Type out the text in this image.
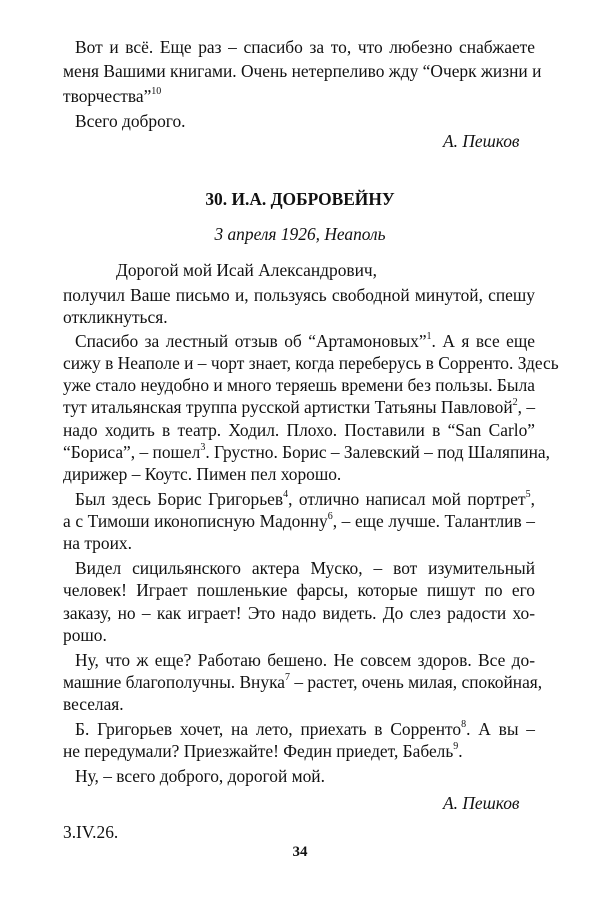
Вот и всё. Еще раз – спасибо за то, что любезно снабжаете
меня Вашими книгами. Очень нетерпеливо жду “Очерк жизни и
творчества”$^{10}$
Всего доброго.
А. Пешков
30. И.А. ДОБРОВЕЙНУ
3 апреля 1926, Неаполь
Дорогой мой Исай Александрович,
получил Ваше письмо и, пользуясь свободной минутой, спешу
откликнуться.
Спасибо за лестный отзыв об “Артамоновых”$^1$. А я все еще
сижу в Неаполе и – чорт знает, когда переберусь в Сорренто. Здесь
уже стало неудобно и много теряешь времени без пользы. Была
тут итальянская труппа русской артистки Татьяны Павловой$^2$, –
надо ходить в театр. Ходил. Плохо. Поставили в “San Carlo”
“Бориса”, – пошел$^3$. Грустно. Борис – Залевский – под Шаляпина,
дирижер – Коутс. Пимен пел хорошо.
Был здесь Борис Григорьев$^4$, отлично написал мой портрет$^5$,
а с Тимоши иконописную Мадонну$^6$, – еще лучше. Талантлив –
на троих.
Видел сицильянского актера Муско, – вот изумительный
человек! Играет пошленькие фарсы, которые пишут по его
заказу, но – как играет! Это надо видеть. До слез радости хо-
рошо.
Ну, что ж еще? Работаю бешено. Не совсем здоров. Все до-
машние благополучны. Внука$^7$ – растет, очень милая, спокойная,
веселая.
Б. Григорьев хочет, на лето, приехать в Сорренто$^8$. А вы –
не передумали? Приезжайте! Федин приедет, Бабель$^9$.
Ну, – всего доброго, дорогой мой.
А. Пешков
3.IV.26.
34
